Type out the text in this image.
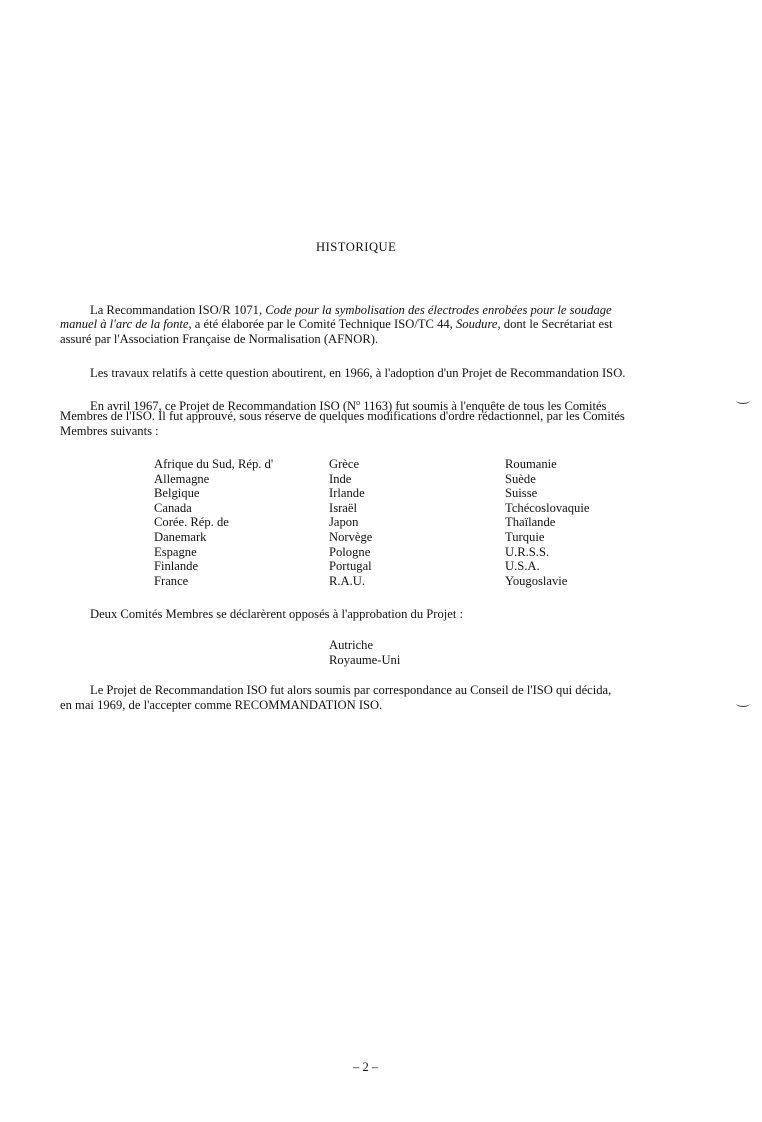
HISTORIQUE
La Recommandation ISO/R 1071, Code pour la symbolisation des électrodes enrobées pour le soudage
manuel à l'arc de la fonte, a été élaborée par le Comité Technique ISO/TC 44, Soudure, dont le Secrétariat est
assuré par l'Association Française de Normalisation (AFNOR).
Les travaux relatifs à cette question aboutirent, en 1966, à l'adoption d'un Projet de Recommandation ISO.
En avril 1967, ce Projet de Recommandation ISO ($N^o$ 1163) fut soumis à l'enquête de tous les Comités
Membres de l'ISO. Il fut approuvé, sous réserve de quelques modifications d'ordre rédactionnel, par les Comités
Membres suivants :
Afrique du Sud, Rép. d'
Allemagne
Belgique
Canada
Corée. Rép. de
Danemark
Espagne
Finlande
France
Grèce
Inde
Irlande
Israël
Japon
Norvège
Pologne
Portugal
R.A.U.
Roumanie
Suède
Suisse
Tchécoslovaquie
Thaïlande
Turquie
U.R.S.S.
U.S.A.
Yougoslavie
Deux Comités Membres se déclarèrent opposés à l'approbation du Projet :
Autriche
Royaume-Uni
Le Projet de Recommandation ISO fut alors soumis par correspondance au Conseil de l'ISO qui décida,
en mai 1969, de l'accepter comme RECOMMANDATION ISO.
– 2 –
